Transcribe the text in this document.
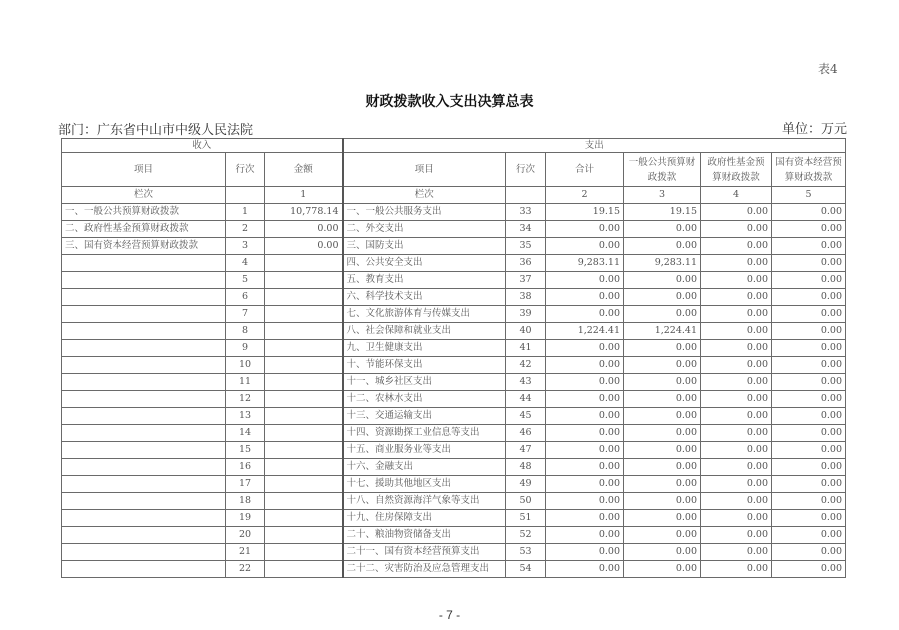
表4
财政拨款收入支出决算总表
部门：广东省中山市中级人民法院	单位：万元
收入			支出					
项目	行次	金额	项目	行次	合计	一般公共预算财政拨款	政府性基金预算财政拨款	国有资本经营预算财政拨款
栏次		1	栏次		2	3	4	5
一、一般公共预算财政拨款	1	10,778.14	一、一般公共服务支出	33	19.15	19.15	0.00	0.00
二、政府性基金预算财政拨款	2	0.00	二、外交支出	34	0.00	0.00	0.00	0.00
三、国有资本经营预算财政拨款	3	0.00	三、国防支出	35	0.00	0.00	0.00	0.00
	4		四、公共安全支出	36	9,283.11	9,283.11	0.00	0.00
	5		五、教育支出	37	0.00	0.00	0.00	0.00
	6		六、科学技术支出	38	0.00	0.00	0.00	0.00
	7		七、文化旅游体育与传媒支出	39	0.00	0.00	0.00	0.00
	8		八、社会保障和就业支出	40	1,224.41	1,224.41	0.00	0.00
	9		九、卫生健康支出	41	0.00	0.00	0.00	0.00
	10		十、节能环保支出	42	0.00	0.00	0.00	0.00
	11		十一、城乡社区支出	43	0.00	0.00	0.00	0.00
	12		十二、农林水支出	44	0.00	0.00	0.00	0.00
	13		十三、交通运输支出	45	0.00	0.00	0.00	0.00
	14		十四、资源勘探工业信息等支出	46	0.00	0.00	0.00	0.00
	15		十五、商业服务业等支出	47	0.00	0.00	0.00	0.00
	16		十六、金融支出	48	0.00	0.00	0.00	0.00
	17		十七、援助其他地区支出	49	0.00	0.00	0.00	0.00
	18		十八、自然资源海洋气象等支出	50	0.00	0.00	0.00	0.00
	19		十九、住房保障支出	51	0.00	0.00	0.00	0.00
	20		二十、粮油物资储备支出	52	0.00	0.00	0.00	0.00
	21		二十一、国有资本经营预算支出	53	0.00	0.00	0.00	0.00
	22		二十二、灾害防治及应急管理支出	54	0.00	0.00	0.00	0.00
- 7 -
